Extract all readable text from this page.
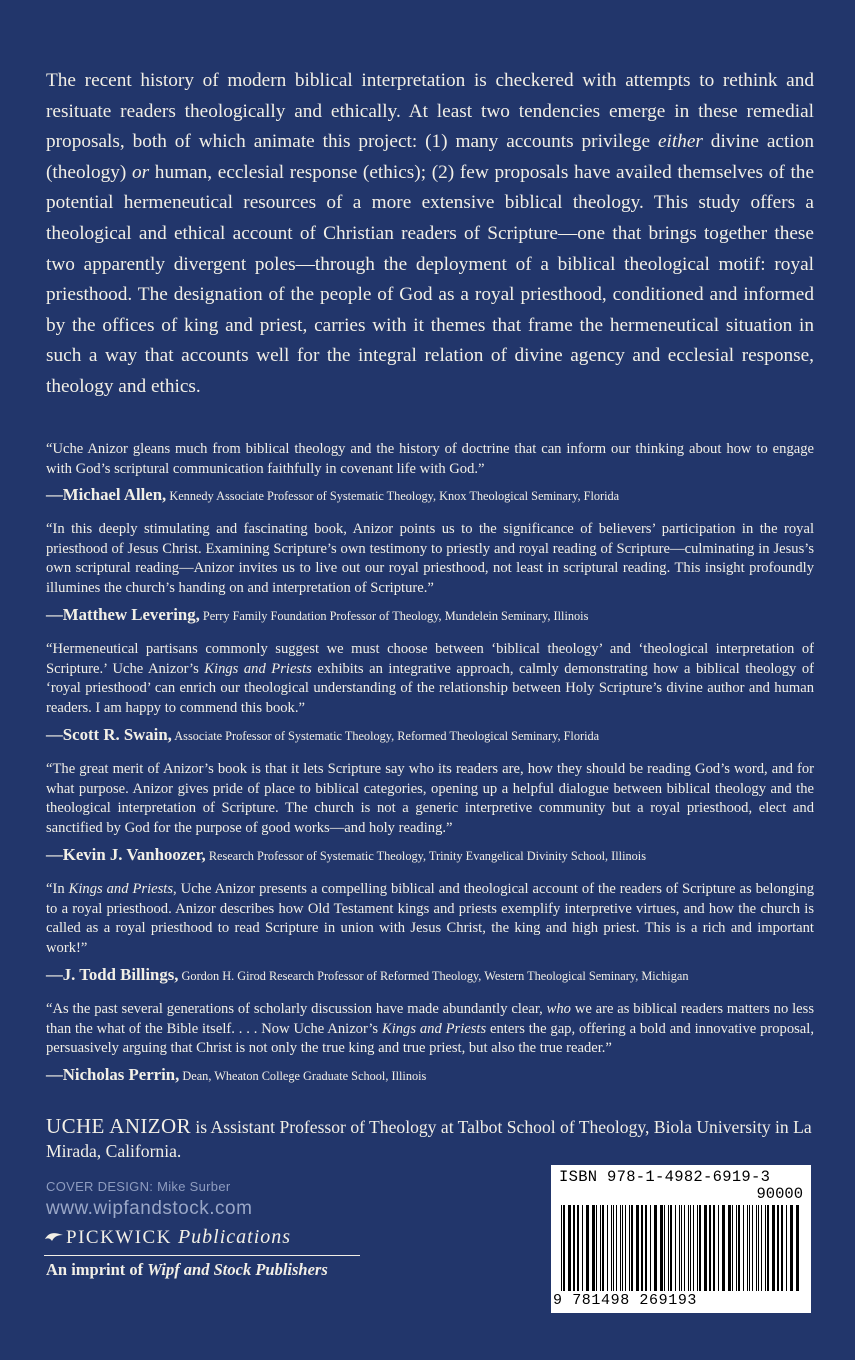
The recent history of modern biblical interpretation is checkered with attempts to rethink and resituate readers theologically and ethically. At least two tendencies emerge in these remedial proposals, both of which animate this project: (1) many accounts privilege either divine action (theology) or human, ecclesial response (ethics); (2) few proposals have availed themselves of the potential hermeneutical resources of a more extensive biblical theology. This study offers a theological and ethical account of Christian readers of Scripture—one that brings together these two apparently divergent poles—through the deployment of a biblical theological motif: royal priesthood. The designation of the people of God as a royal priesthood, conditioned and informed by the offices of king and priest, carries with it themes that frame the hermeneutical situation in such a way that accounts well for the integral relation of divine agency and ecclesial response, theology and ethics.

“Uche Anizor gleans much from biblical theology and the history of doctrine that can inform our thinking about how to engage with God’s scriptural communication faithfully in covenant life with God.”

—Michael Allen, Kennedy Associate Professor of Systematic Theology, Knox Theological Seminary, Florida

“In this deeply stimulating and fascinating book, Anizor points us to the significance of believers’ participation in the royal priesthood of Jesus Christ. Examining Scripture’s own testimony to priestly and royal reading of Scripture—culminating in Jesus’s own scriptural reading—Anizor invites us to live out our royal priesthood, not least in scriptural reading. This insight profoundly illumines the church’s handing on and interpretation of Scripture.”

—Matthew Levering, Perry Family Foundation Professor of Theology, Mundelein Seminary, Illinois

“Hermeneutical partisans commonly suggest we must choose between ‘biblical theology’ and ‘theological interpretation of Scripture.’ Uche Anizor’s Kings and Priests exhibits an integrative approach, calmly demonstrating how a biblical theology of ‘royal priesthood’ can enrich our theological understanding of the relationship between Holy Scripture’s divine author and human readers. I am happy to commend this book.”

—Scott R. Swain, Associate Professor of Systematic Theology, Reformed Theological Seminary, Florida

“The great merit of Anizor’s book is that it lets Scripture say who its readers are, how they should be reading God’s word, and for what purpose. Anizor gives pride of place to biblical categories, opening up a helpful dialogue between biblical theology and the theological interpretation of Scripture. The church is not a generic interpretive community but a royal priesthood, elect and sanctified by God for the purpose of good works—and holy reading.”

—Kevin J. Vanhoozer, Research Professor of Systematic Theology, Trinity Evangelical Divinity School, Illinois

“In Kings and Priests, Uche Anizor presents a compelling biblical and theological account of the readers of Scripture as belonging to a royal priesthood. Anizor describes how Old Testament kings and priests exemplify interpretive virtues, and how the church is called as a royal priesthood to read Scripture in union with Jesus Christ, the king and high priest. This is a rich and important work!”

—J. Todd Billings, Gordon H. Girod Research Professor of Reformed Theology, Western Theological Seminary, Michigan

“As the past several generations of scholarly discussion have made abundantly clear, who we are as biblical readers matters no less than the what of the Bible itself. . . . Now Uche Anizor’s Kings and Priests enters the gap, offering a bold and innovative proposal, persuasively arguing that Christ is not only the true king and true priest, but also the true reader.”

—Nicholas Perrin, Dean, Wheaton College Graduate School, Illinois

UCHE ANIZOR is Assistant Professor of Theology at Talbot School of Theology, Biola University in La Mirada, California.

COVER DESIGN: Mike Surber
www.wipfandstock.com
PICKWICK Publications
An imprint of Wipf and Stock Publishers
ISBN 978-1-4982-6919-3
90000
9 781498 269193
